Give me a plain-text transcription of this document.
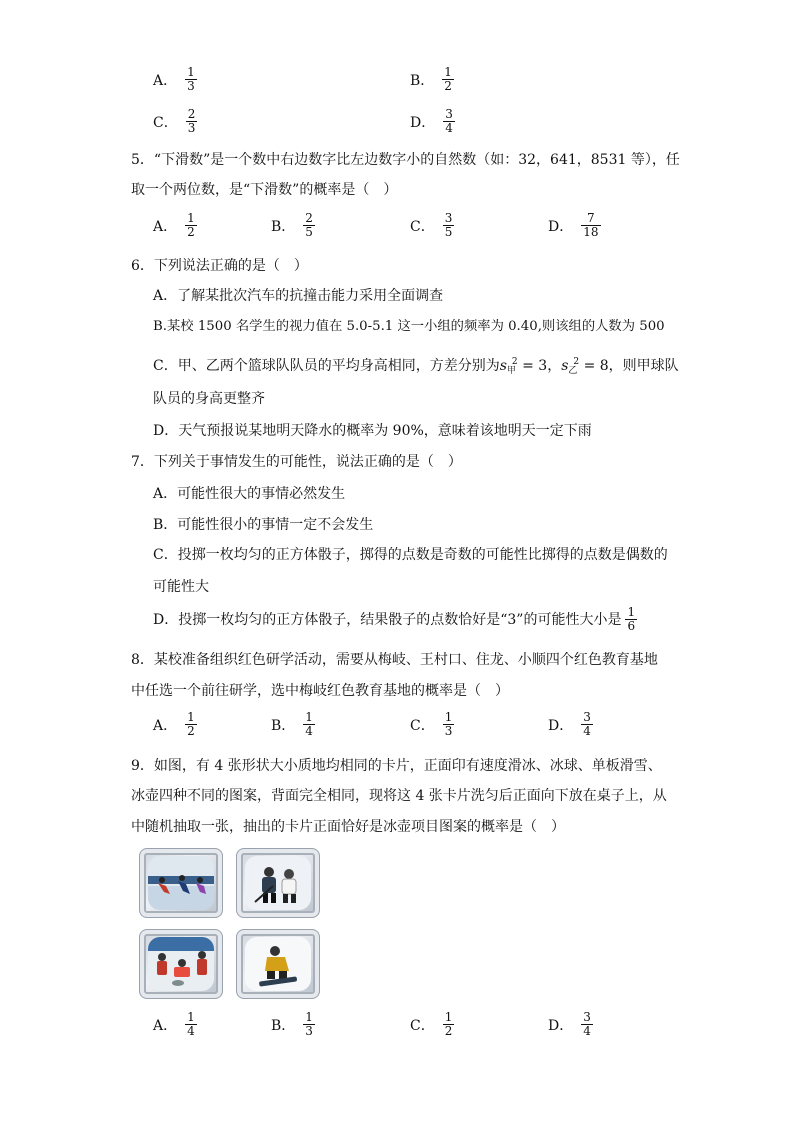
A． $\frac{1}{3}$	B． $\frac{1}{2}$
C． $\frac{2}{3}$	D． $\frac{3}{4}$
5．“下滑数”是一个数中右边数字比左边数字小的自然数（如：32，641，8531 等），任
取一个两位数，是“下滑数”的概率是（　）
A． $\frac{1}{2}$	B． $\frac{2}{5}$	C． $\frac{3}{5}$	D． $\frac{7}{18}$
6．下列说法正确的是（　）
A．了解某批次汽车的抗撞击能力采用全面调查
B.某校 1500 名学生的视力值在 5.0-5.1 这一小组的频率为 0.40,则该组的人数为 500
C．甲、乙两个篮球队队员的平均身高相同，方差分别为$s_甲^2 = 3$，$s_乙^2 = 8$，则甲球队
队员的身高更整齐
D．天气预报说某地明天降水的概率为 90%，意味着该地明天一定下雨
7．下列关于事情发生的可能性，说法正确的是（　）
A．可能性很大的事情必然发生
B．可能性很小的事情一定不会发生
C．投掷一枚均匀的正方体骰子，掷得的点数是奇数的可能性比掷得的点数是偶数的
可能性大
D．投掷一枚均匀的正方体骰子，结果骰子的点数恰好是“3”的可能性大小是 $\frac{1}{6}$
8．某校准备组织红色研学活动，需要从梅岐、王村口、住龙、小顺四个红色教育基地
中任选一个前往研学，选中梅岐红色教育基地的概率是（　）
A． $\frac{1}{2}$	B． $\frac{1}{4}$	C． $\frac{1}{3}$	D． $\frac{3}{4}$
9．如图，有 4 张形状大小质地均相同的卡片，正面印有速度滑冰、冰球、单板滑雪、
冰壶四种不同的图案，背面完全相同，现将这 4 张卡片洗匀后正面向下放在桌子上，从
中随机抽取一张，抽出的卡片正面恰好是冰壶项目图案的概率是（　）
A． $\frac{1}{4}$	B． $\frac{1}{3}$	C． $\frac{1}{2}$	D． $\frac{3}{4}$
